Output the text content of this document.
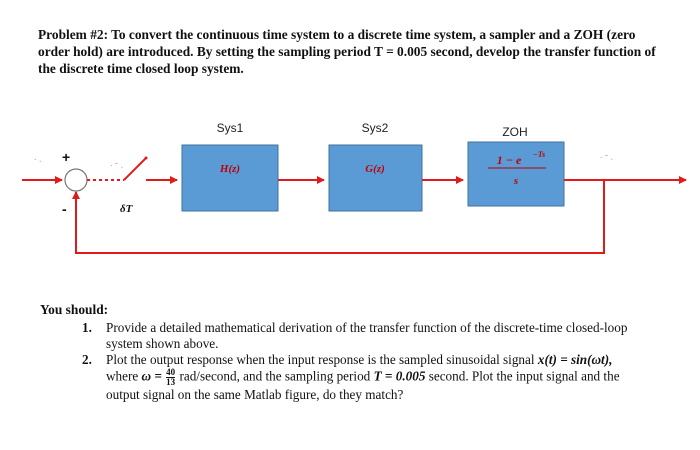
Problem #2: To convert the continuous time system to a discrete time system, a sampler and a ZOH (zero order hold) are introduced. By setting the sampling period T = 0.005 second, develop the transfer function of the discrete time closed loop system.

Sys1	Sys2	ZOH
+
-
. ˎ
. - ˎ
. - ˎ
δT
H(z)	G(z)
1 − e −Ts
s

You should:

1. Provide a detailed mathematical derivation of the transfer function of the discrete-time closed-loop system shown above.
2. Plot the output response when the input response is the sampled sinusoidal signal x(t) = sin(ωt), where $\omega = \frac{40}{13}$ rad/second, and the sampling period T = 0.005 second. Plot the input signal and the output signal on the same Matlab figure, do they match?
